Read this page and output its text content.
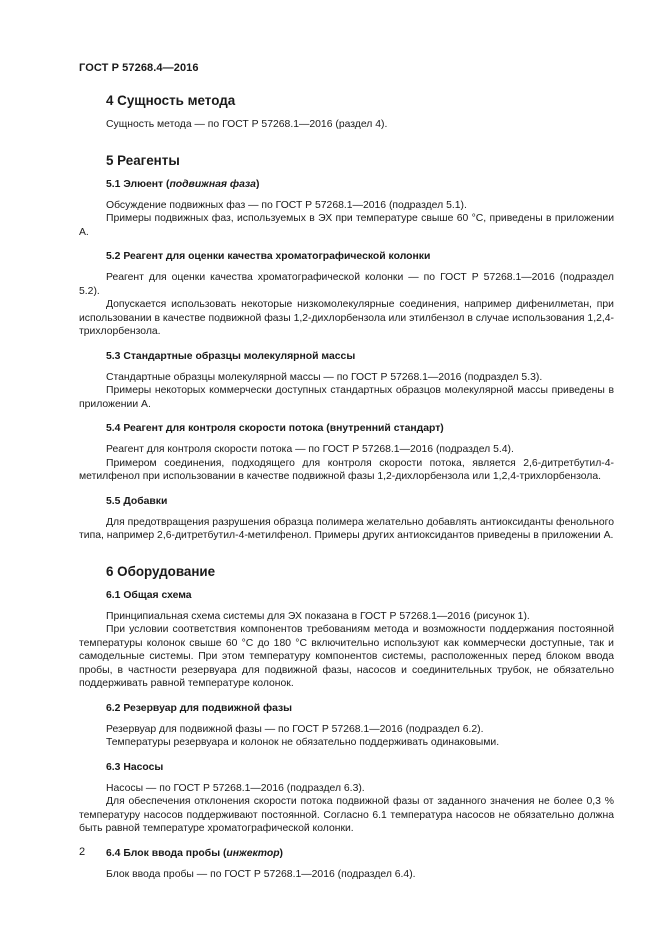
ГОСТ Р 57268.4—2016
4 Сущность метода

Сущность метода — по ГОСТ Р 57268.1—2016 (раздел 4).

5 Реагенты
5.1 Элюент (подвижная фаза)

Обсуждение подвижных фаз — по ГОСТ Р 57268.1—2016 (подраздел 5.1).

Примеры подвижных фаз, используемых в ЭХ при температуре свыше 60 °C, приведены в приложении А.

5.2 Реагент для оценки качества хроматографической колонки

Реагент для оценки качества хроматографической колонки — по ГОСТ Р 57268.1—2016 (подраздел 5.2).

Допускается использовать некоторые низкомолекулярные соединения, например дифенилметан, при использовании в качестве подвижной фазы 1,2-дихлорбензола или этилбензол в случае использования 1,2,4-трихлорбензола.

5.3 Стандартные образцы молекулярной массы

Стандартные образцы молекулярной массы — по ГОСТ Р 57268.1—2016 (подраздел 5.3).

Примеры некоторых коммерчески доступных стандартных образцов молекулярной массы приведены в приложении А.

5.4 Реагент для контроля скорости потока (внутренний стандарт)

Реагент для контроля скорости потока — по ГОСТ Р 57268.1—2016 (подраздел 5.4).

Примером соединения, подходящего для контроля скорости потока, является 2,6-дитретбутил-4-метилфенол при использовании в качестве подвижной фазы 1,2-дихлорбензола или 1,2,4-трихлорбензола.

5.5 Добавки

Для предотвращения разрушения образца полимера желательно добавлять антиоксиданты фенольного типа, например 2,6-дитретбутил-4-метилфенол. Примеры других антиоксидантов приведены в приложении А.

6 Оборудование
6.1 Общая схема

Принципиальная схема системы для ЭХ показана в ГОСТ Р 57268.1—2016 (рисунок 1).

При условии соответствия компонентов требованиям метода и возможности поддержания постоянной температуры колонок свыше 60 °C до 180 °C включительно используют как коммерчески доступные, так и самодельные системы. При этом температуру компонентов системы, расположенных перед блоком ввода пробы, в частности резервуара для подвижной фазы, насосов и соединительных трубок, не обязательно поддерживать равной температуре колонок.

6.2 Резервуар для подвижной фазы

Резервуар для подвижной фазы — по ГОСТ Р 57268.1—2016 (подраздел 6.2).

Температуры резервуара и колонок не обязательно поддерживать одинаковыми.

6.3 Насосы

Насосы — по ГОСТ Р 57268.1—2016 (подраздел 6.3).

Для обеспечения отклонения скорости потока подвижной фазы от заданного значения не более 0,3 % температуру насосов поддерживают постоянной. Согласно 6.1 температура насосов не обязательно должна быть равной температуре хроматографической колонки.

6.4 Блок ввода пробы (инжектор)

Блок ввода пробы — по ГОСТ Р 57268.1—2016 (подраздел 6.4).

2
